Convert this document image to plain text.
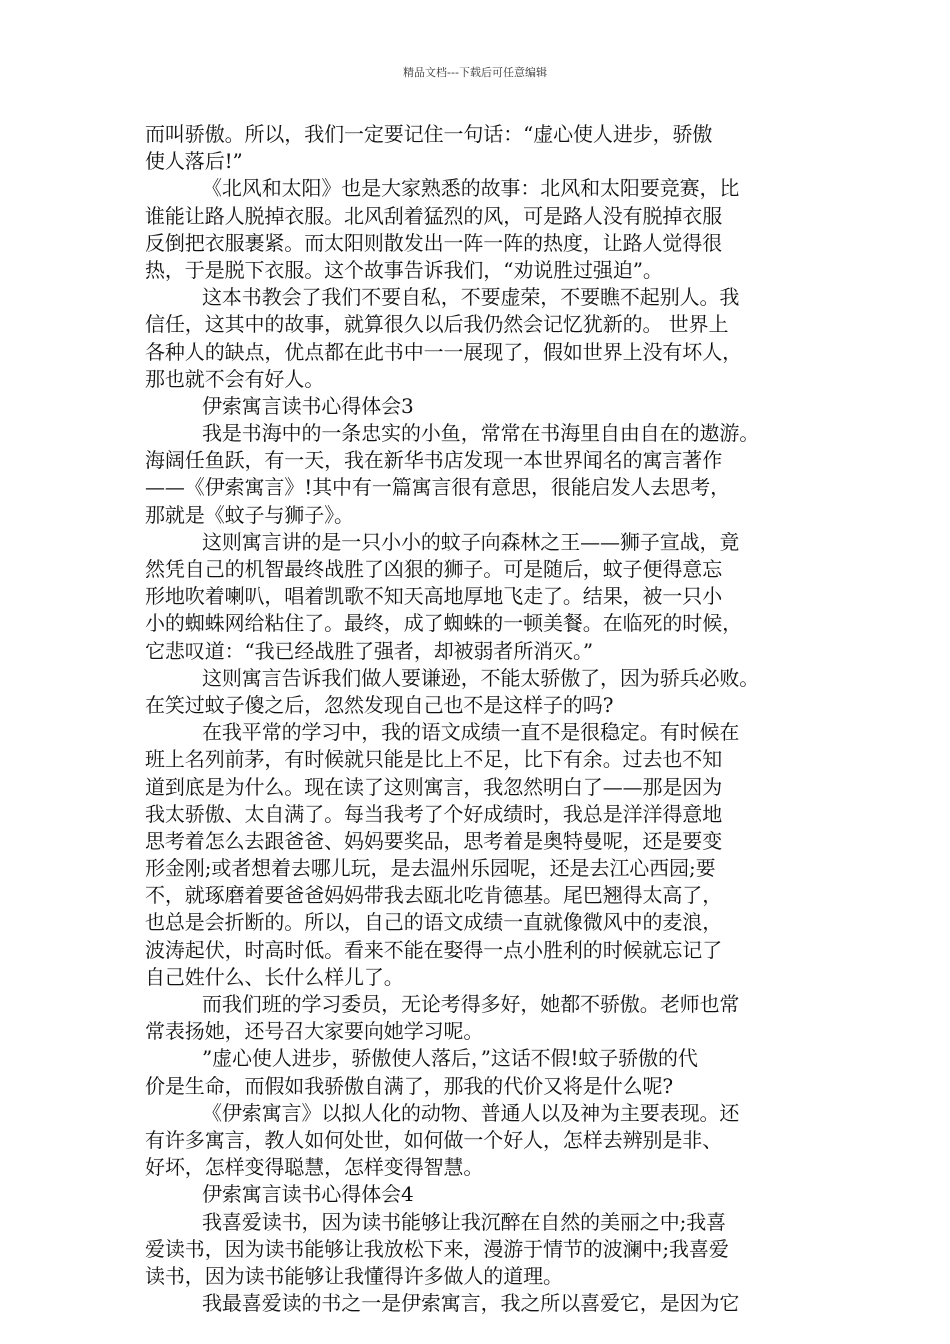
精品文档---下载后可任意编辑
而叫骄傲。所以，我们一定要记住一句话：“虚心使人进步，骄傲
使人落后!”
《北风和太阳》也是大家熟悉的故事：北风和太阳要竞赛，比
谁能让路人脱掉衣服。北风刮着猛烈的风，可是路人没有脱掉衣服
反倒把衣服裹紧。而太阳则散发出一阵一阵的热度，让路人觉得很
热，于是脱下衣服。这个故事告诉我们，“劝说胜过强迫”。
这本书教会了我们不要自私，不要虚荣，不要瞧不起别人。我
信任，这其中的故事，就算很久以后我仍然会记忆犹新的。 世界上
各种人的缺点，优点都在此书中一一展现了，假如世界上没有坏人，
那也就不会有好人。
伊索寓言读书心得体会3
我是书海中的一条忠实的小鱼，常常在书海里自由自在的遨游。
海阔任鱼跃，有一天，我在新华书店发现一本世界闻名的寓言著作
——《伊索寓言》!其中有一篇寓言很有意思，很能启发人去思考，
那就是《蚊子与狮子》。
这则寓言讲的是一只小小的蚊子向森林之王——狮子宣战，竟
然凭自己的机智最终战胜了凶狠的狮子。可是随后，蚊子便得意忘
形地吹着喇叭，唱着凯歌不知天高地厚地飞走了。结果，被一只小
小的蜘蛛网给粘住了。最终，成了蜘蛛的一顿美餐。在临死的时候，
它悲叹道：“我已经战胜了强者，却被弱者所消灭。”
这则寓言告诉我们做人要谦逊，不能太骄傲了，因为骄兵必败。
在笑过蚊子傻之后，忽然发现自己也不是这样子的吗?
在我平常的学习中，我的语文成绩一直不是很稳定。有时候在
班上名列前茅，有时候就只能是比上不足，比下有余。过去也不知
道到底是为什么。现在读了这则寓言，我忽然明白了——那是因为
我太骄傲、太自满了。每当我考了个好成绩时，我总是洋洋得意地
思考着怎么去跟爸爸、妈妈要奖品，思考着是奥特曼呢，还是要变
形金刚;或者想着去哪儿玩，是去温州乐园呢，还是去江心西园;要
不，就琢磨着要爸爸妈妈带我去瓯北吃肯德基。尾巴翘得太高了，
也总是会折断的。所以，自己的语文成绩一直就像微风中的麦浪，
波涛起伏，时高时低。看来不能在娶得一点小胜利的时候就忘记了
自己姓什么、长什么样儿了。
而我们班的学习委员，无论考得多好，她都不骄傲。老师也常
常表扬她，还号召大家要向她学习呢。
”虚心使人进步，骄傲使人落后，”这话不假!蚊子骄傲的代
价是生命，而假如我骄傲自满了，那我的代价又将是什么呢?
《伊索寓言》以拟人化的动物、普通人以及神为主要表现。还
有许多寓言，教人如何处世，如何做一个好人，怎样去辨别是非、
好坏，怎样变得聪慧，怎样变得智慧。
伊索寓言读书心得体会4
我喜爱读书，因为读书能够让我沉醉在自然的美丽之中;我喜
爱读书，因为读书能够让我放松下来，漫游于情节的波澜中;我喜爱
读书，因为读书能够让我懂得许多做人的道理。
我最喜爱读的书之一是伊索寓言，我之所以喜爱它，是因为它
